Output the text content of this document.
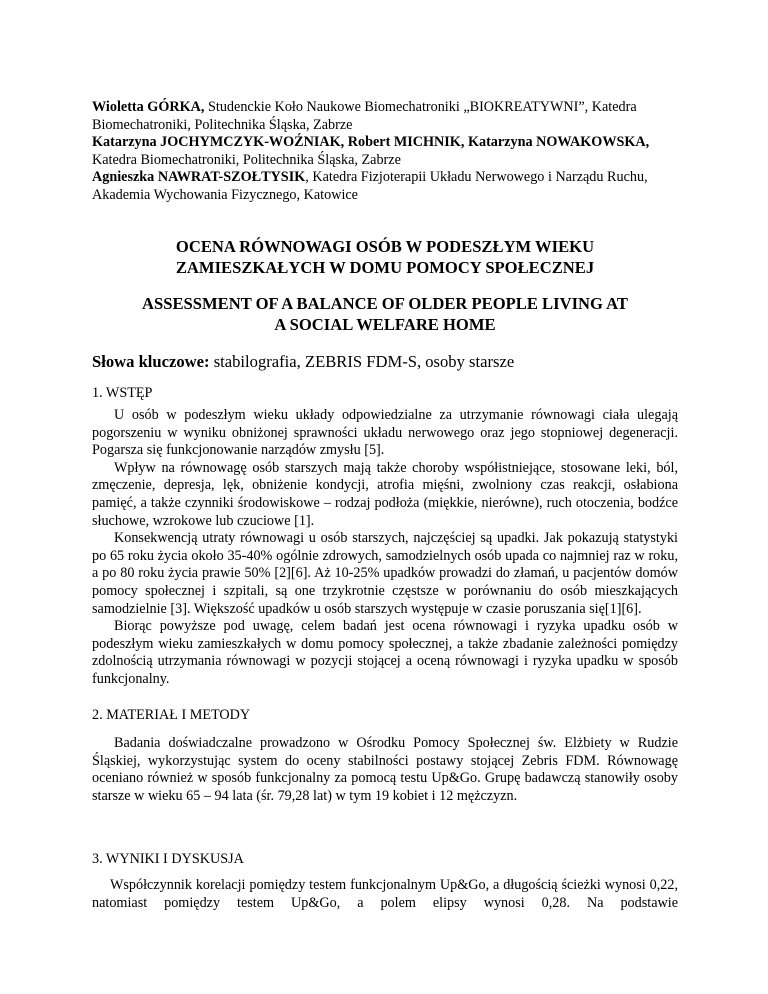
Wioletta GÓRKA, Studenckie Koło Naukowe Biomechatroniki „BIOKREATYWNI”, Katedra Biomechatroniki, Politechnika Śląska, Zabrze

Katarzyna JOCHYMCZYK-WOŹNIAK, Robert MICHNIK, Katarzyna NOWAKOWSKA, Katedra Biomechatroniki, Politechnika Śląska, Zabrze

Agnieszka NAWRAT-SZOŁTYSIK, Katedra Fizjoterapii Układu Nerwowego i Narządu Ruchu, Akademia Wychowania Fizycznego, Katowice

OCENA RÓWNOWAGI OSÓB W PODESZŁYM WIEKU
ZAMIESZKAŁYCH W DOMU POMOCY SPOŁECZNEJ
ASSESSMENT OF A BALANCE OF OLDER PEOPLE LIVING AT
A SOCIAL WELFARE HOME
Słowa kluczowe: stabilografia, ZEBRIS FDM-S, osoby starsze
1. WSTĘP

U osób w podeszłym wieku układy odpowiedzialne za utrzymanie równowagi ciała ulegają pogorszeniu w wyniku obniżonej sprawności układu nerwowego oraz jego stopniowej degeneracji. Pogarsza się funkcjonowanie narządów zmysłu [5].

Wpływ na równowagę osób starszych mają także choroby współistniejące, stosowane leki, ból, zmęczenie, depresja, lęk, obniżenie kondycji, atrofia mięśni, zwolniony czas reakcji, osłabiona pamięć, a także czynniki środowiskowe – rodzaj podłoża (miękkie, nierówne), ruch otoczenia, bodźce słuchowe, wzrokowe lub czuciowe [1].

Konsekwencją utraty równowagi u osób starszych, najczęściej są upadki. Jak pokazują statystyki po 65 roku życia około 35-40% ogólnie zdrowych, samodzielnych osób upada co najmniej raz w roku, a po 80 roku życia prawie 50% [2][6]. Aż 10-25% upadków prowadzi do złamań, u pacjentów domów pomocy społecznej i szpitali, są one trzykrotnie częstsze w porównaniu do osób mieszkających samodzielnie [3]. Większość upadków u osób starszych występuje w czasie poruszania się[1][6].

Biorąc powyższe pod uwagę, celem badań jest ocena równowagi i ryzyka upadku osób w podeszłym wieku zamieszkałych w domu pomocy społecznej, a także zbadanie zależności pomiędzy zdolnością utrzymania równowagi w pozycji stojącej a oceną równowagi i ryzyka upadku w sposób funkcjonalny.

2. MATERIAŁ I METODY

Badania doświadczalne prowadzono w Ośrodku Pomocy Społecznej św. Elżbiety w Rudzie Śląskiej, wykorzystując system do oceny stabilności postawy stojącej Zebris FDM. Równowagę oceniano również w sposób funkcjonalny za pomocą testu Up&Go. Grupę badawczą stanowiły osoby starsze w wieku 65 – 94 lata (śr. 79,28 lat) w tym 19 kobiet i 12 mężczyzn.

3. WYNIKI I DYSKUSJA

Współczynnik korelacji pomiędzy testem funkcjonalnym Up&Go, a długością ścieżki wynosi 0,22, natomiast pomiędzy testem Up&Go, a polem elipsy wynosi 0,28. Na podstawie
